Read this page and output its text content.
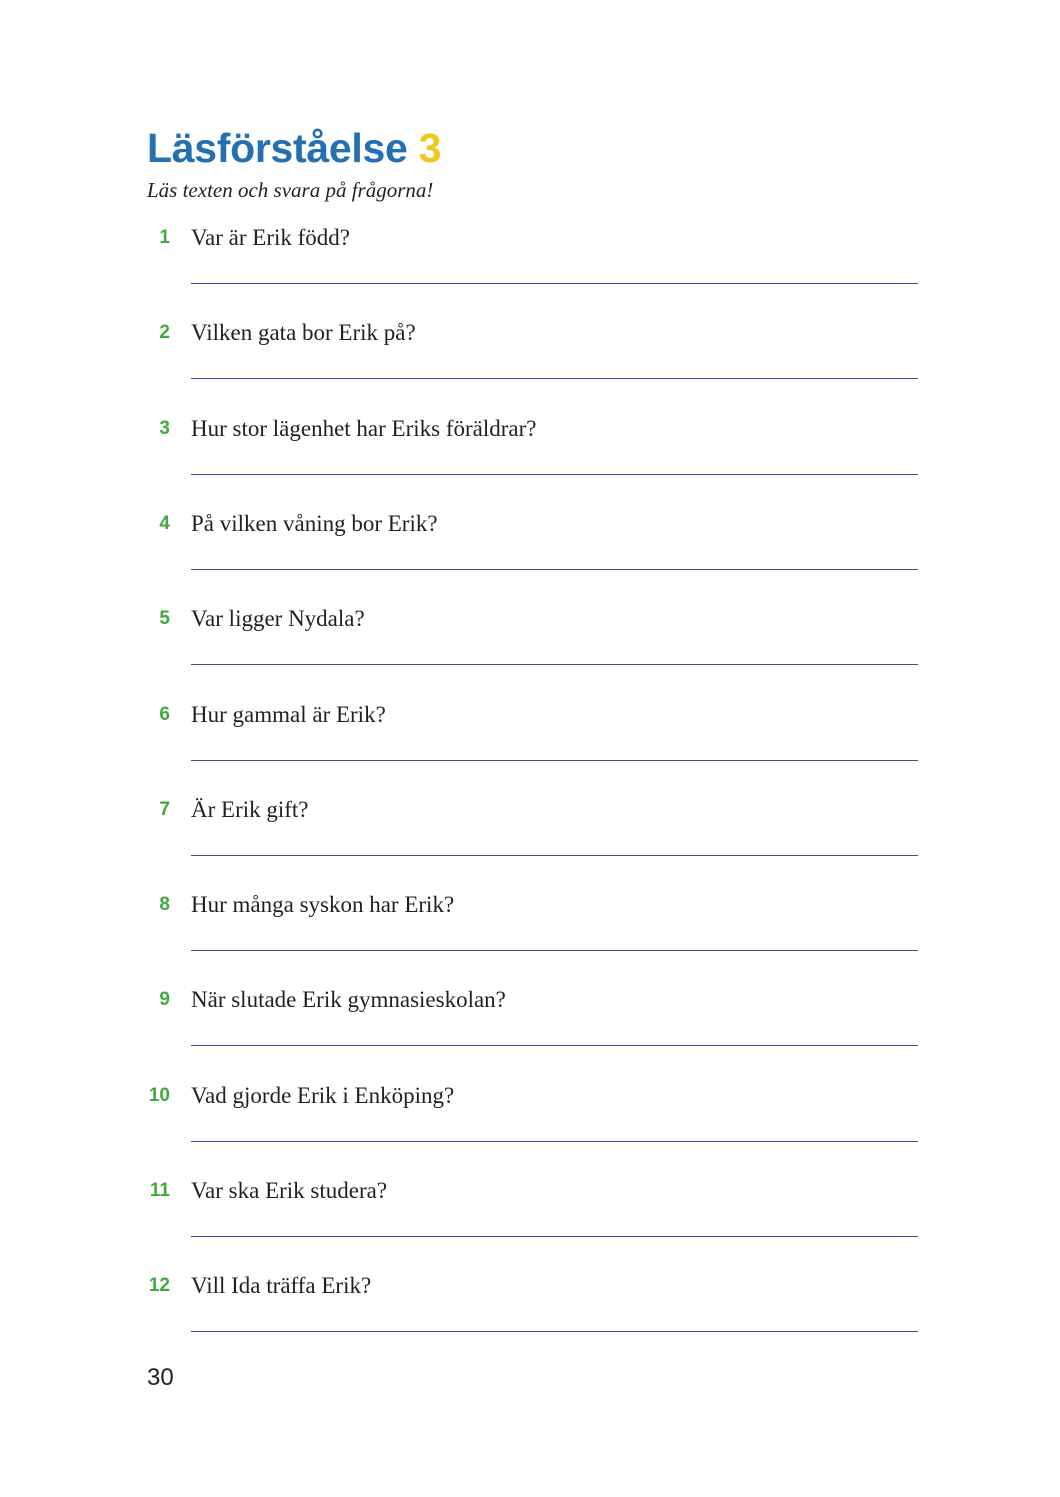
Läsförståelse 3
Läs texten och svara på frågorna!
1 Var är Erik född?
2 Vilken gata bor Erik på?
3 Hur stor lägenhet har Eriks föräldrar?
4 På vilken våning bor Erik?
5 Var ligger Nydala?
6 Hur gammal är Erik?
7 Är Erik gift?
8 Hur många syskon har Erik?
9 När slutade Erik gymnasieskolan?
10 Vad gjorde Erik i Enköping?
11 Var ska Erik studera?
12 Vill Ida träffa Erik?
30
